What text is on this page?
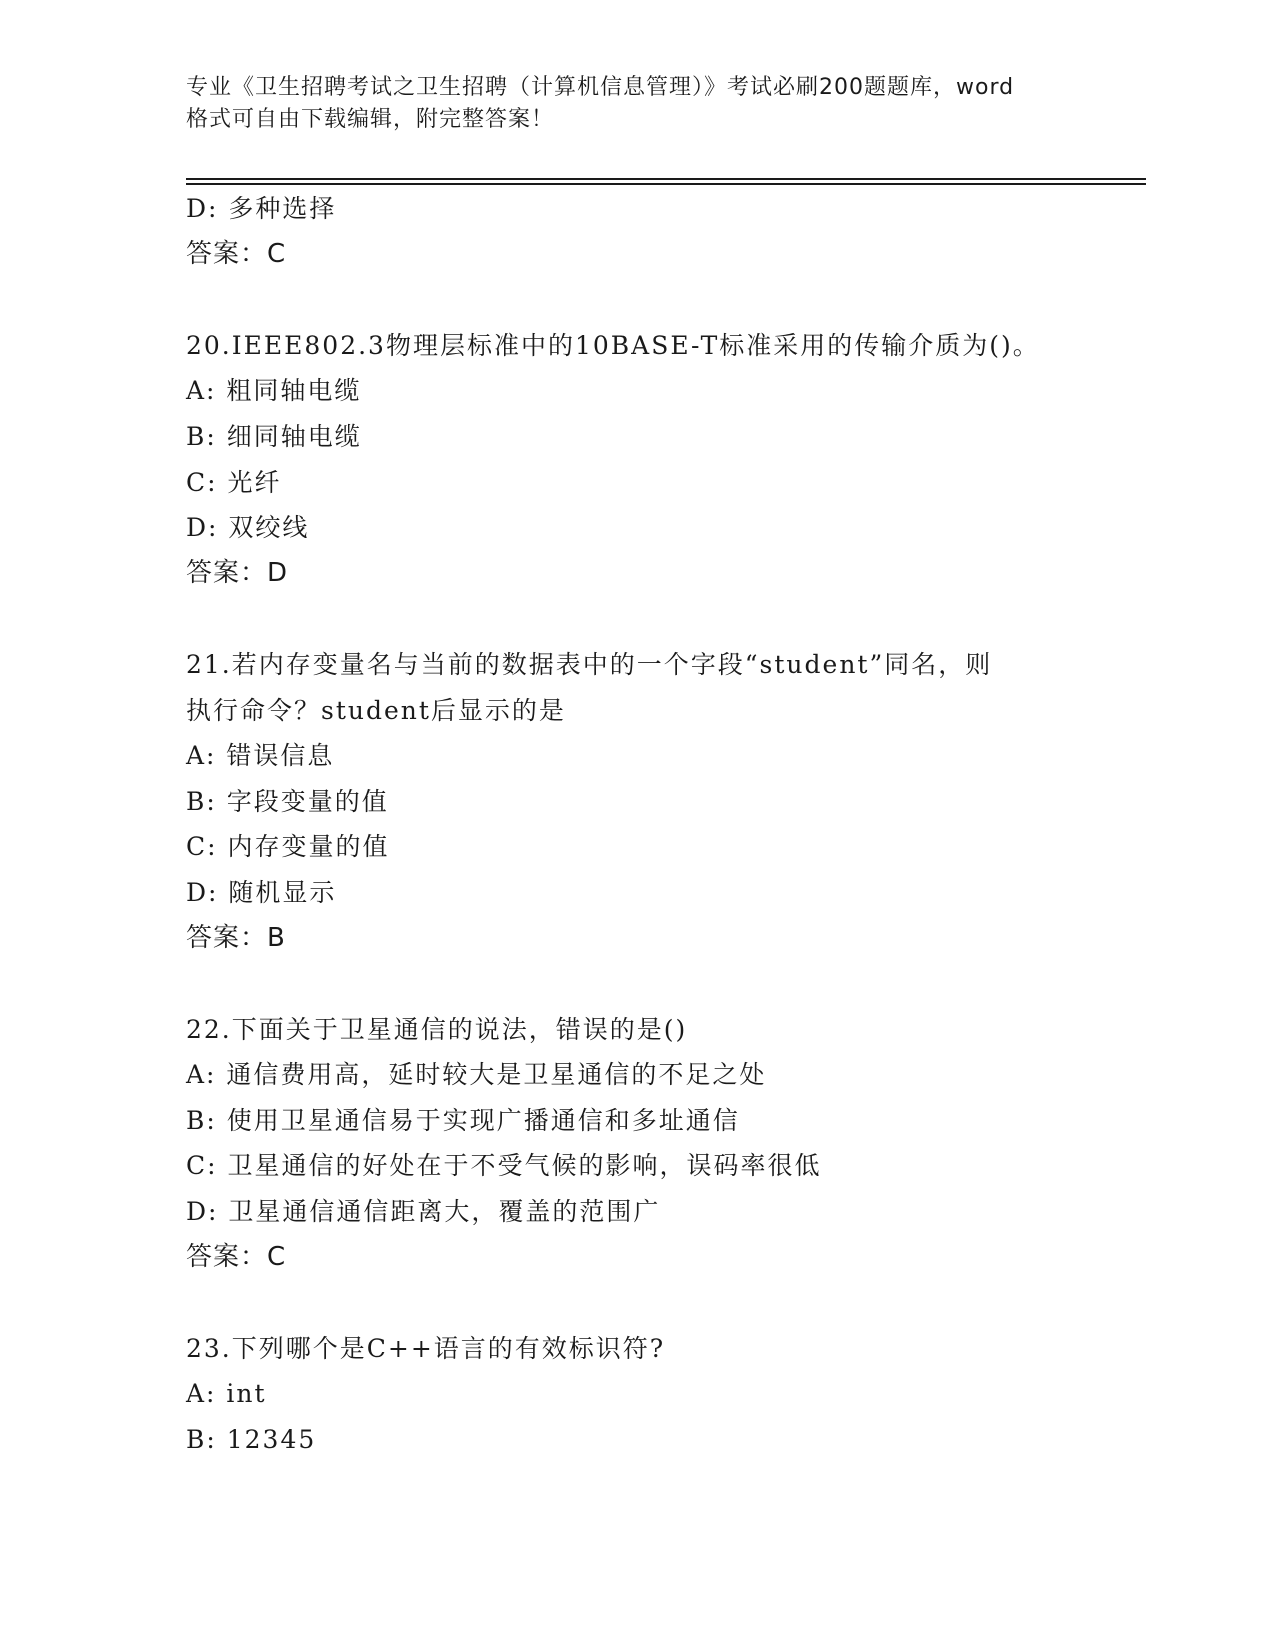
专业《卫生招聘考试之卫生招聘（计算机信息管理）》考试必刷200题题库，word
格式可自由下载编辑，附完整答案！
D: 多种选择
答案：C
20.IEEE802.3物理层标准中的10BASE-T标准采用的传输介质为()。
A: 粗同轴电缆
B: 细同轴电缆
C: 光纤
D: 双绞线
答案：D
21.若内存变量名与当前的数据表中的一个字段“student”同名，则
执行命令？student后显示的是
A: 错误信息
B: 字段变量的值
C: 内存变量的值
D: 随机显示
答案：B
22.下面关于卫星通信的说法，错误的是()
A: 通信费用高，延时较大是卫星通信的不足之处
B: 使用卫星通信易于实现广播通信和多址通信
C: 卫星通信的好处在于不受气候的影响，误码率很低
D: 卫星通信通信距离大，覆盖的范围广
答案：C
23.下列哪个是C++语言的有效标识符?
A: int
B: 12345
